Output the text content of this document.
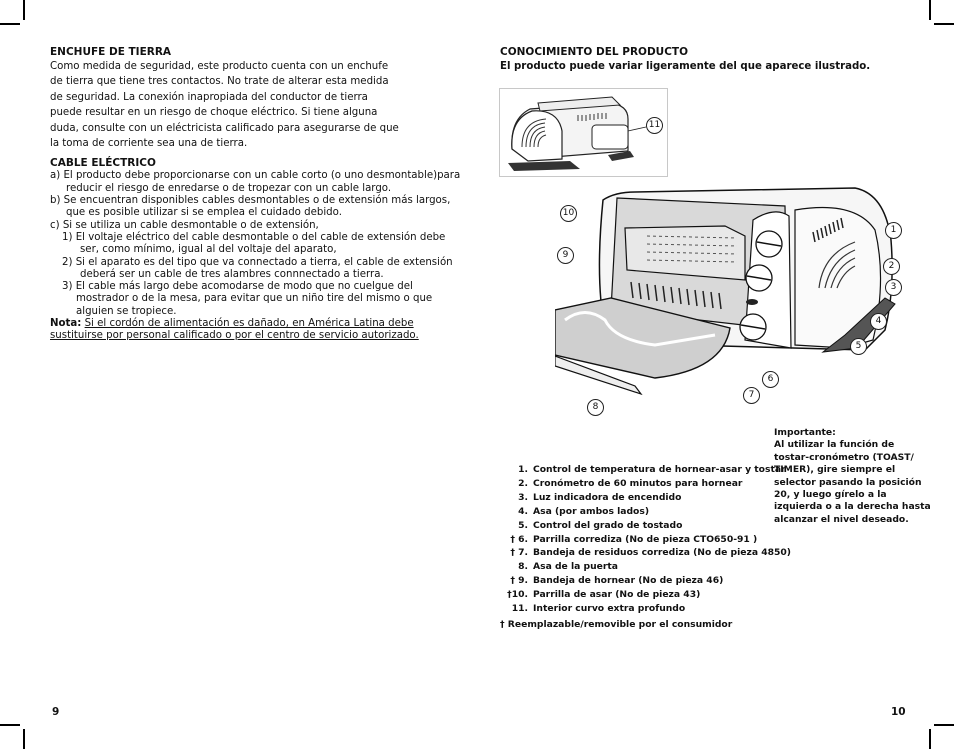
ENCHUFE DE TIERRA

Como medida de seguridad, este producto cuenta con un enchufe
de tierra que tiene tres contactos. No trate de alterar esta medida
de seguridad. La conexión inapropiada del conductor de tierra
puede resultar en un riesgo de choque eléctrico. Si tiene alguna
duda, consulte con un eléctricista calificado para asegurarse de que
la toma de corriente sea una de tierra.

CABLE ELÉCTRICO
a) El producto debe proporcionarse con un cable corto (o uno desmontable)para
reducir el riesgo de enredarse o de tropezar con un cable largo.
b) Se encuentran disponibles cables desmontables o de extensión más largos,
que es posible utilizar si se emplea el cuidado debido.
c) Si se utiliza un cable desmontable o de extensión,
1) El voltaje eléctrico del cable desmontable o del cable de extensión debe
ser, como mínimo, igual al del voltaje del aparato,
2) Si el aparato es del tipo que va connectado a tierra, el cable de extensión
deberá ser un cable de tres alambres connnectado a tierra.
3) El cable más largo debe acomodarse de modo que no cuelgue del
mostrador o de la mesa, para evitar que un niño tire del mismo o que
alguien se tropiece.
Nota: Si el cordón de alimentación es dañado, en América Latina debe
sustituirse por personal calificado o por el centro de servicio autorizado.
9
CONOCIMIENTO DEL PRODUCTO

El producto puede variar ligeramente del que aparece ilustrado.

11
10
9
1
2
3
4
5
6
7
8
Importante:
Al utilizar la función de
tostar-cronómetro (TOAST/
TIMER), gire siempre el
selector pasando la posición
20, y luego gírelo a la
izquierda o a la derecha hasta
alcanzar el nivel deseado.
1. Control de temperatura de hornear-asar y tostar
2. Cronómetro de 60 minutos para hornear
3. Luz indicadora de encendido
4. Asa (por ambos lados)
5. Control del grado de tostado
† 6. Parrilla corrediza (No de pieza CTO650-91 )
† 7. Bandeja de residuos corrediza (No de pieza 4850)
8. Asa de la puerta
† 9. Bandeja de hornear (No de pieza 46)
†10. Parrilla de asar (No de pieza 43)
11. Interior curvo extra profundo
† Reemplazable/removible por el consumidor
10
